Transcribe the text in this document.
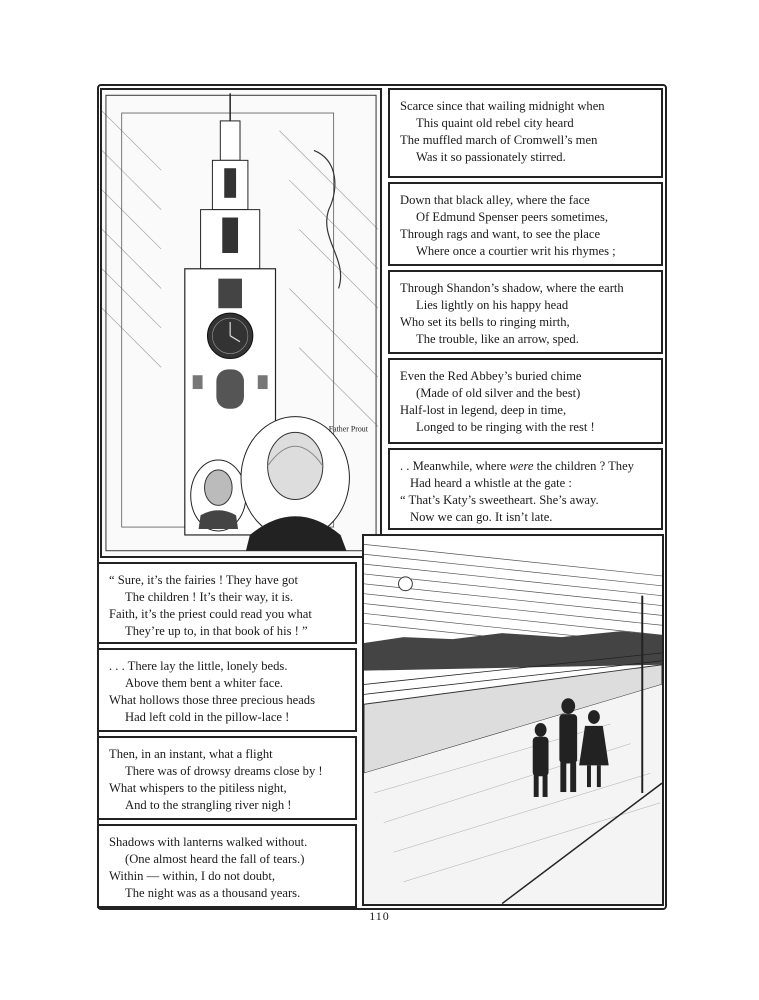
Father Prout
Scarce since that wailing midnight when
This quaint old rebel city heard
The muffled march of Cromwell’s men
Was it so passionately stirred.
Down that black alley, where the face
Of Edmund Spenser peers sometimes,
Through rags and want, to see the place
Where once a courtier writ his rhymes ;
Through Shandon’s shadow, where the earth
Lies lightly on his happy head
Who set its bells to ringing mirth,
The trouble, like an arrow, sped.
Even the Red Abbey’s buried chime
(Made of old silver and the best)
Half-lost in legend, deep in time,
Longed to be ringing with the rest !
. . Meanwhile, where were the children ? They
Had heard a whistle at the gate :
“ That’s Katy’s sweetheart. She’s away.
Now we can go. It isn’t late.
“ Sure, it’s the fairies ! They have got
The children ! It’s their way, it is.
Faith, it’s the priest could read you what
They’re up to, in that book of his ! ”
. . . There lay the little, lonely beds.
Above them bent a whiter face.
What hollows those three precious heads
Had left cold in the pillow-lace !
Then, in an instant, what a flight
There was of drowsy dreams close by !
What whispers to the pitiless night,
And to the strangling river nigh !
Shadows with lanterns walked without.
(One almost heard the fall of tears.)
Within — within, I do not doubt,
The night was as a thousand years.
110
